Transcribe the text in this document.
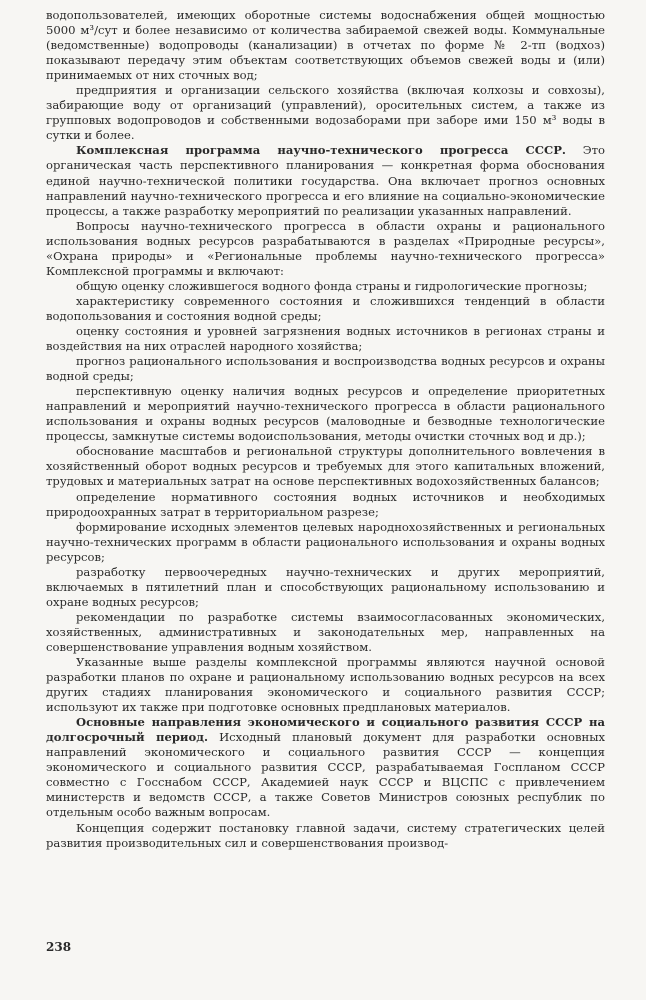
водопользователей, имеющих оборотные системы водоснабжения общей мощностью 5000 м³/сут и более независимо от количества забираемой свежей воды. Коммунальные (ведомственные) водопроводы (канализации) в отчетах по форме № 2-тп (водхоз) показывают передачу этим объектам соответствующих объемов свежей воды и (или) принимаемых от них сточных вод;

предприятия и организации сельского хозяйства (включая колхозы и совхозы), забирающие воду от организаций (управлений), оросительных систем, а также из групповых водопроводов и собственными водозаборами при заборе ими 150 м³ воды в сутки и более.

Комплексная программа научно-технического прогресса СССР. Это органическая часть перспективного планирования — конкретная форма обоснования единой научно-технической политики государства. Она включает прогноз основных направлений научно-технического прогресса и его влияние на социально-экономические процессы, а также разработку мероприятий по реализации указанных направлений.

Вопросы научно-технического прогресса в области охраны и рационального использования водных ресурсов разрабатываются в разделах «Природные ресурсы», «Охрана природы» и «Региональные проблемы научно-технического прогресса» Комплексной программы и включают:

общую оценку сложившегося водного фонда страны и гидрологические прогнозы;

характеристику современного состояния и сложившихся тенденций в области водопользования и состояния водной среды;

оценку состояния и уровней загрязнения водных источников в регионах страны и воздействия на них отраслей народного хозяйства;

прогноз рационального использования и воспроизводства водных ресурсов и охраны водной среды;

перспективную оценку наличия водных ресурсов и определение приоритетных направлений и мероприятий научно-технического прогресса в области рационального использования и охраны водных ресурсов (маловодные и безводные технологические процессы, замкнутые системы водоиспользования, методы очистки сточных вод и др.);

обоснование масштабов и региональной структуры дополнительного вовлечения в хозяйственный оборот водных ресурсов и требуемых для этого капитальных вложений, трудовых и материальных затрат на основе перспективных водохозяйственных балансов;

определение нормативного состояния водных источников и необходимых природоохранных затрат в территориальном разрезе;

формирование исходных элементов целевых народнохозяйственных и региональных научно-технических программ в области рационального использования и охраны водных ресурсов;

разработку первоочередных научно-технических и других мероприятий, включаемых в пятилетний план и способствующих рациональному использованию и охране водных ресурсов;

рекомендации по разработке системы взаимосогласованных экономических, хозяйственных, административных и законодательных мер, направленных на совершенствование управления водным хозяйством.

Указанные выше разделы комплексной программы являются научной основой разработки планов по охране и рациональному использованию водных ресурсов на всех других стадиях планирования экономического и социального развития СССР; используют их также при подготовке основных предплановых материалов.

Основные направления экономического и социального развития СССР на долгосрочный период. Исходный плановый документ для разработки основных направлений экономического и социального развития СССР — концепция экономического и социального развития СССР, разрабатываемая Госпланом СССР совместно с Госснабом СССР, Академией наук СССР и ВЦСПС с привлечением министерств и ведомств СССР, а также Советов Министров союзных республик по отдельным особо важным вопросам.

Концепция содержит постановку главной задачи, систему стратегических целей развития производительных сил и совершенствования производ-

238
